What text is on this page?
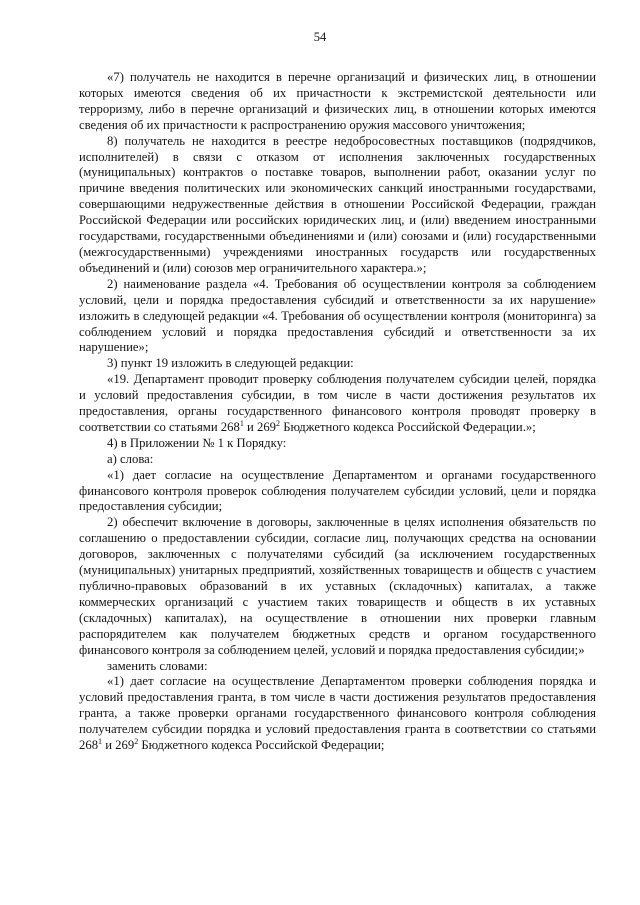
54

«7) получатель не находится в перечне организаций и физических лиц, в отношении которых имеются сведения об их причастности к экстремистской деятельности или терроризму, либо в перечне организаций и физических лиц, в отношении которых имеются сведения об их причастности к распространению оружия массового уничтожения;

8) получатель не находится в реестре недобросовестных поставщиков (подрядчиков, исполнителей) в связи с отказом от исполнения заключенных государственных (муниципальных) контрактов о поставке товаров, выполнении работ, оказании услуг по причине введения политических или экономических санкций иностранными государствами, совершающими недружественные действия в отношении Российской Федерации, граждан Российской Федерации или российских юридических лиц, и (или) введением иностранными государствами, государственными объединениями и (или) союзами и (или) государственными (межгосударственными) учреждениями иностранных государств или государственных объединений и (или) союзов мер ограничительного характера.»;

2) наименование раздела «4. Требования об осуществлении контроля за соблюдением условий, цели и порядка предоставления субсидий и ответственности за их нарушение» изложить в следующей редакции «4. Требования об осуществлении контроля (мониторинга) за соблюдением условий и порядка предоставления субсидий и ответственности за их нарушение»;

3) пункт 19 изложить в следующей редакции:

«19. Департамент проводит проверку соблюдения получателем субсидии целей, порядка и условий предоставления субсидии, в том числе в части достижения результатов их предоставления, органы государственного финансового контроля проводят проверку в соответствии со статьями $268^1$ и $269^2$ Бюджетного кодекса Российской Федерации.»;

4) в Приложении № 1 к Порядку:

а) слова:

«1) дает согласие на осуществление Департаментом и органами государственного финансового контроля проверок соблюдения получателем субсидии условий, цели и порядка предоставления субсидии;

2) обеспечит включение в договоры, заключенные в целях исполнения обязательств по соглашению о предоставлении субсидии, согласие лиц, получающих средства на основании договоров, заключенных с получателями субсидий (за исключением государственных (муниципальных) унитарных предприятий, хозяйственных товариществ и обществ с участием публично-правовых образований в их уставных (складочных) капиталах, а также коммерческих организаций с участием таких товариществ и обществ в их уставных (складочных) капиталах), на осуществление в отношении них проверки главным распорядителем как получателем бюджетных средств и органом государственного финансового контроля за соблюдением целей, условий и порядка предоставления субсидии;»

заменить словами:

«1) дает согласие на осуществление Департаментом проверки соблюдения порядка и условий предоставления гранта, в том числе в части достижения результатов предоставления гранта, а также проверки органами государственного финансового контроля соблюдения получателем субсидии порядка и условий предоставления гранта в соответствии со статьями $268^1$ и $269^2$ Бюджетного кодекса Российской Федерации;
